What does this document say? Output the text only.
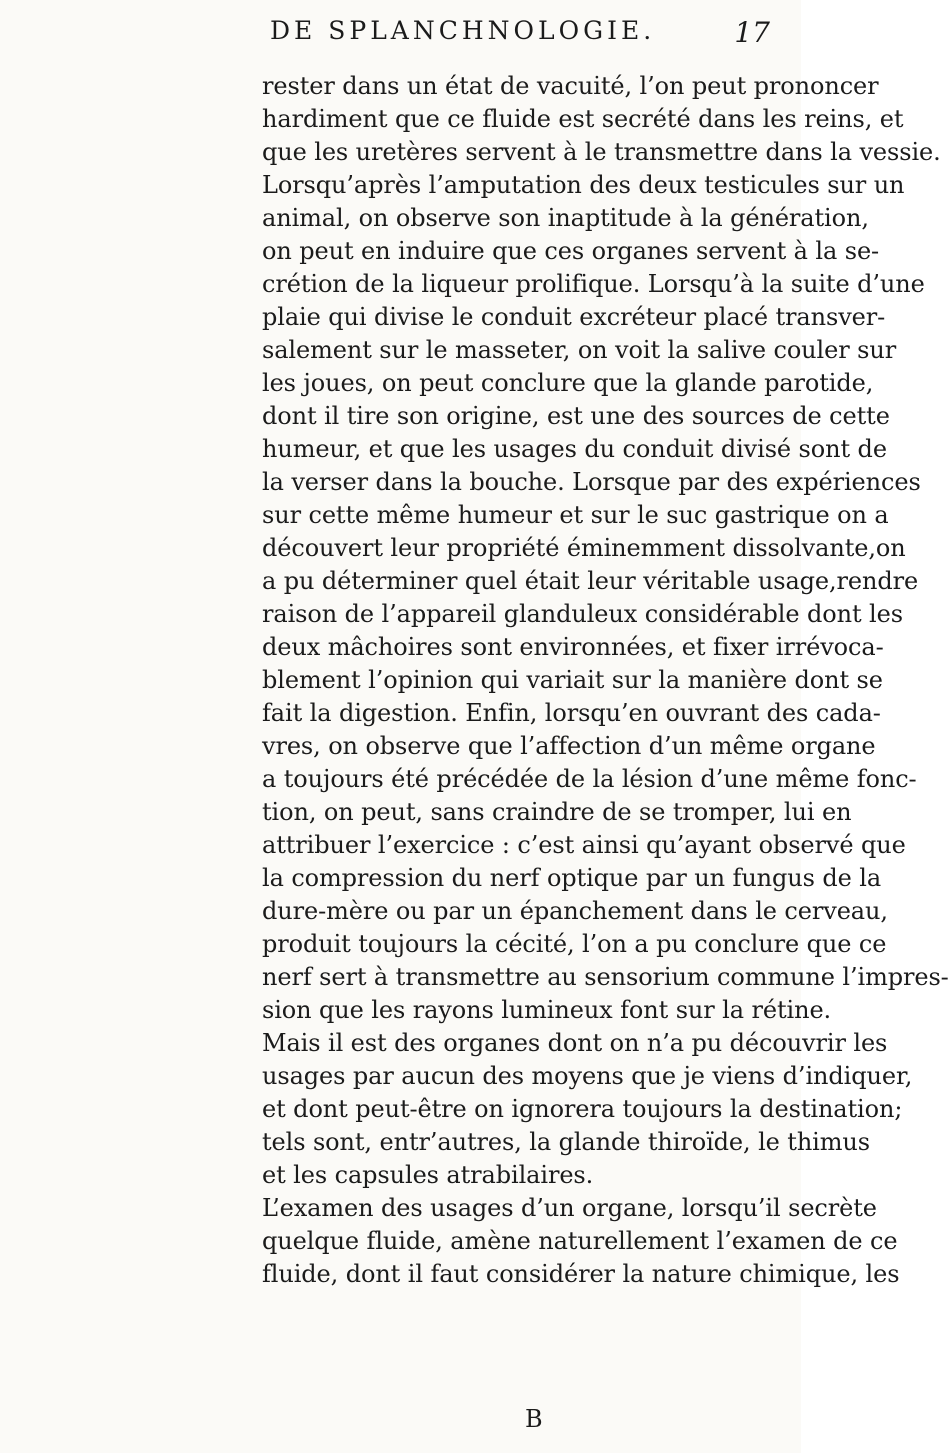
DE SPLANCHNOLOGIE.	17
rester dans un état de vacuité, l’on peut prononcer
hardiment que ce fluide est secrété dans les reins, et
que les uretères servent à le transmettre dans la vessie.
Lorsqu’après l’amputation des deux testicules sur un
animal, on observe son inaptitude à la génération,
on peut en induire que ces organes servent à la se-
crétion de la liqueur prolifique. Lorsqu’à la suite d’une
plaie qui divise le conduit excréteur placé transver-
salement sur le masseter, on voit la salive couler sur
les joues, on peut conclure que la glande parotide,
dont il tire son origine, est une des sources de cette
humeur, et que les usages du conduit divisé sont de
la verser dans la bouche. Lorsque par des expériences
sur cette même humeur et sur le suc gastrique on a
découvert leur propriété éminemment dissolvante,on
a pu déterminer quel était leur véritable usage,rendre
raison de l’appareil glanduleux considérable dont les
deux mâchoires sont environnées, et fixer irrévoca-
blement l’opinion qui variait sur la manière dont se
fait la digestion. Enfin, lorsqu’en ouvrant des cada-
vres, on observe que l’affection d’un même organe
a toujours été précédée de la lésion d’une même fonc-
tion, on peut, sans craindre de se tromper, lui en
attribuer l’exercice : c’est ainsi qu’ayant observé que
la compression du nerf optique par un fungus de la
dure-mère ou par un épanchement dans le cerveau,
produit toujours la cécité, l’on a pu conclure que ce
nerf sert à transmettre au sensorium commune l’impres-
sion que les rayons lumineux font sur la rétine.
Mais il est des organes dont on n’a pu découvrir les
usages par aucun des moyens que je viens d’indiquer,
et dont peut-être on ignorera toujours la destination;
tels sont, entr’autres, la glande thiroïde, le thimus
et les capsules atrabilaires.
L’examen des usages d’un organe, lorsqu’il secrète
quelque fluide, amène naturellement l’examen de ce
fluide, dont il faut considérer la nature chimique, les
B
